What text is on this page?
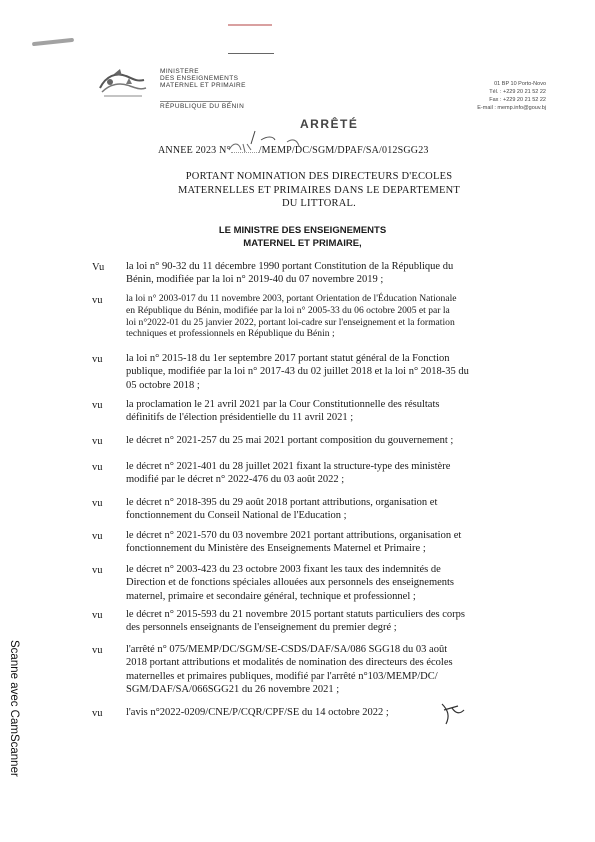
MINISTERE
DES ENSEIGNEMENTS
MATERNEL ET PRIMAIRE
RÉPUBLIQUE DU BÉNIN
01 BP 10 Porto-Novo
Tél. : +229 20 21 52 22
Fax : +229 20 21 52 22
E-mail : memp.info@gouv.bj
ARRÊTÉ
ANNEE 2023 N°	/MEMP/DC/SGM/DPAF/SA/012SGG23
PORTANT NOMINATION DES DIRECTEURS D'ECOLES
MATERNELLES ET PRIMAIRES DANS LE DEPARTEMENT
DU LITTORAL.
LE MINISTRE DES ENSEIGNEMENTS
MATERNEL ET PRIMAIRE,
Vu la loi n° 90-32 du 11 décembre 1990 portant Constitution de la République du
Bénin, modifiée par la loi n° 2019-40 du 07 novembre 2019 ;
vu la loi n° 2003-017 du 11 novembre 2003, portant Orientation de l'Éducation Nationale
en République du Bénin, modifiée par la loi n° 2005-33 du 06 octobre 2005 et par la
loi n°2022-01 du 25 janvier 2022, portant loi-cadre sur l'enseignement et la formation
techniques et professionnels en République du Bénin ;
vu la loi n° 2015-18 du 1er septembre 2017 portant statut général de la Fonction
publique, modifiée par la loi n° 2017-43 du 02 juillet 2018 et la loi n° 2018-35 du
05 octobre 2018 ;
vu la proclamation le 21 avril 2021 par la Cour Constitutionnelle des résultats
définitifs de l'élection présidentielle du 11 avril 2021 ;
vu le décret n° 2021-257 du 25 mai 2021 portant composition du gouvernement ;
vu le décret n° 2021-401 du 28 juillet 2021 fixant la structure-type des ministère
modifié par le décret n° 2022-476 du 03 août 2022 ;
vu le décret n° 2018-395 du 29 août 2018 portant attributions, organisation et
fonctionnement du Conseil National de l'Education ;
vu le décret n° 2021-570 du 03 novembre 2021 portant attributions, organisation et
fonctionnement du Ministère des Enseignements Maternel et Primaire ;
vu le décret n° 2003-423 du 23 octobre 2003 fixant les taux des indemnités de
Direction et de fonctions spéciales allouées aux personnels des enseignements
maternel, primaire et secondaire général, technique et professionnel ;
vu le décret n° 2015-593 du 21 novembre 2015 portant statuts particuliers des corps
des personnels enseignants de l'enseignement du premier degré ;
vu l'arrêté n° 075/MEMP/DC/SGM/SE-CSDS/DAF/SA/086 SGG18 du 03 août
2018 portant attributions et modalités de nomination des directeurs des écoles
maternelles et primaires publiques, modifié par l'arrêté n°103/MEMP/DC/
SGM/DAF/SA/066SGG21 du 26 novembre 2021 ;
vu l'avis n°2022-0209/CNE/P/CQR/CPF/SE du 14 octobre 2022 ;
Scanne avec CamScanner
